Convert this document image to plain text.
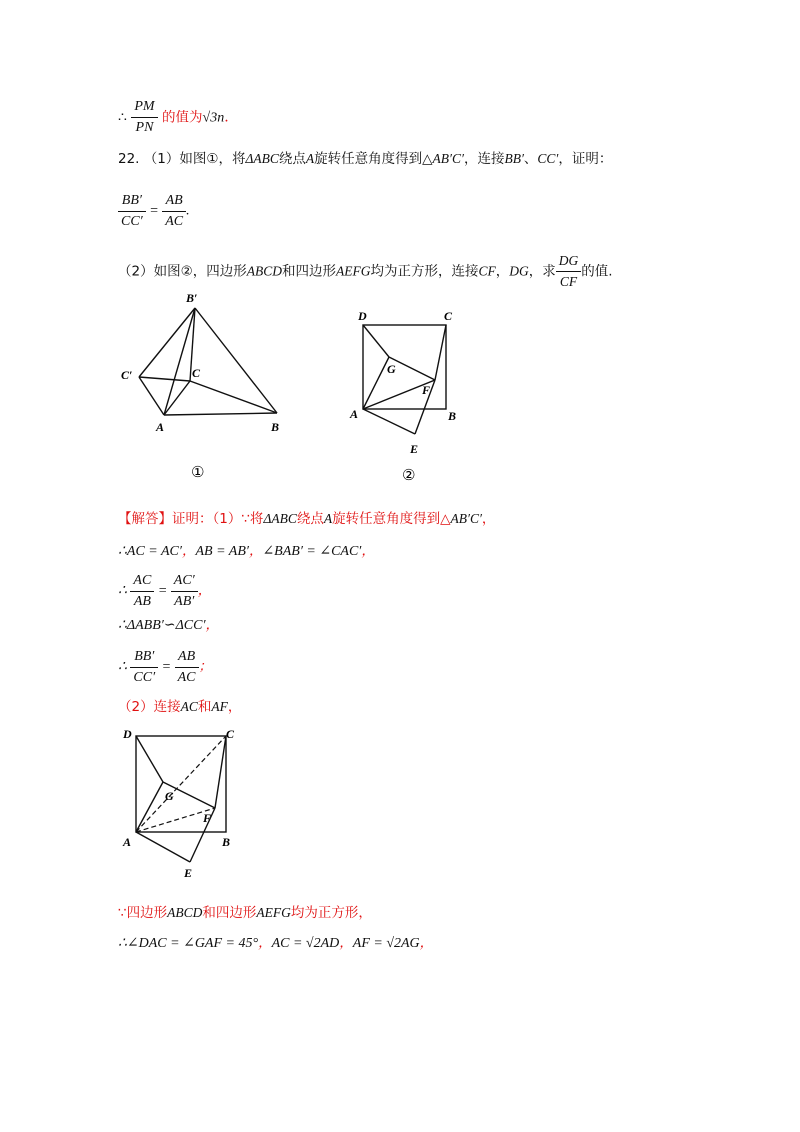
∴ $\frac{PM}{PN}$ 的值为√3n.
22. （1）如图①，将ΔABC绕点A旋转任意角度得到△AB′C′，连接BB′、CC′，证明：
$\frac{BB'}{CC'} = \frac{AB}{AC}$ .
（2）如图②，四边形ABCD和四边形AEFG均为正方形，连接CF，DG，求 $\frac{DG}{CF}$ 的值.
B′
C′	C
A	B
①
D	C
G
F
A	B
E
②
【解答】证明：（1）∵将ΔABC绕点A旋转任意角度得到△AB′C′，
∴AC = AC′，AB = AB′，∠BAB′ = ∠CAC′，
∴ $\frac{AC}{AB} = \frac{AC'}{AB'}$ ，
∴ΔABB′∽ΔCC′，
∴ $\frac{BB'}{CC'} = \frac{AB}{AC}$ ；
（2）连接AC和AF，
D	C
G
F
A	B
E
∵四边形ABCD和四边形AEFG均为正方形，
∴∠DAC = ∠GAF = 45°，AC = √2AD，AF = √2AG，
